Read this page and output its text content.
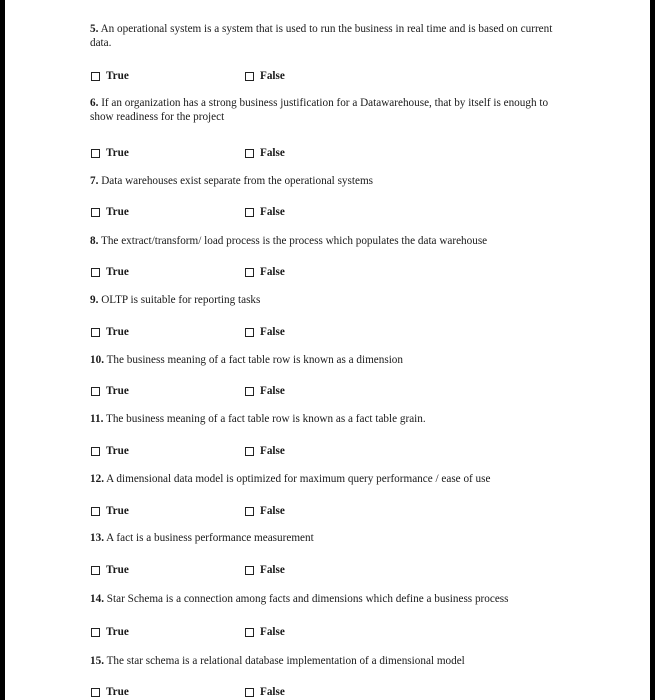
5. An operational system is a system that is used to run the business in real time and is based on current data.

True	False

6. If an organization has a strong business justification for a Datawarehouse, that by itself is enough to show readiness for the project

True	False

7. Data warehouses exist separate from the operational systems

True	False

8. The extract/transform/ load process is the process which populates the data warehouse

True	False

9. OLTP is suitable for reporting tasks

True	False

10. The business meaning of a fact table row is known as a dimension

True	False

11. The business meaning of a fact table row is known as a fact table grain.

True	False

12. A dimensional data model is optimized for maximum query performance / ease of use

True	False

13. A fact is a business performance measurement

True	False

14. Star Schema is a connection among facts and dimensions which define a business process

True	False

15. The star schema is a relational database implementation of a dimensional model

True	False
